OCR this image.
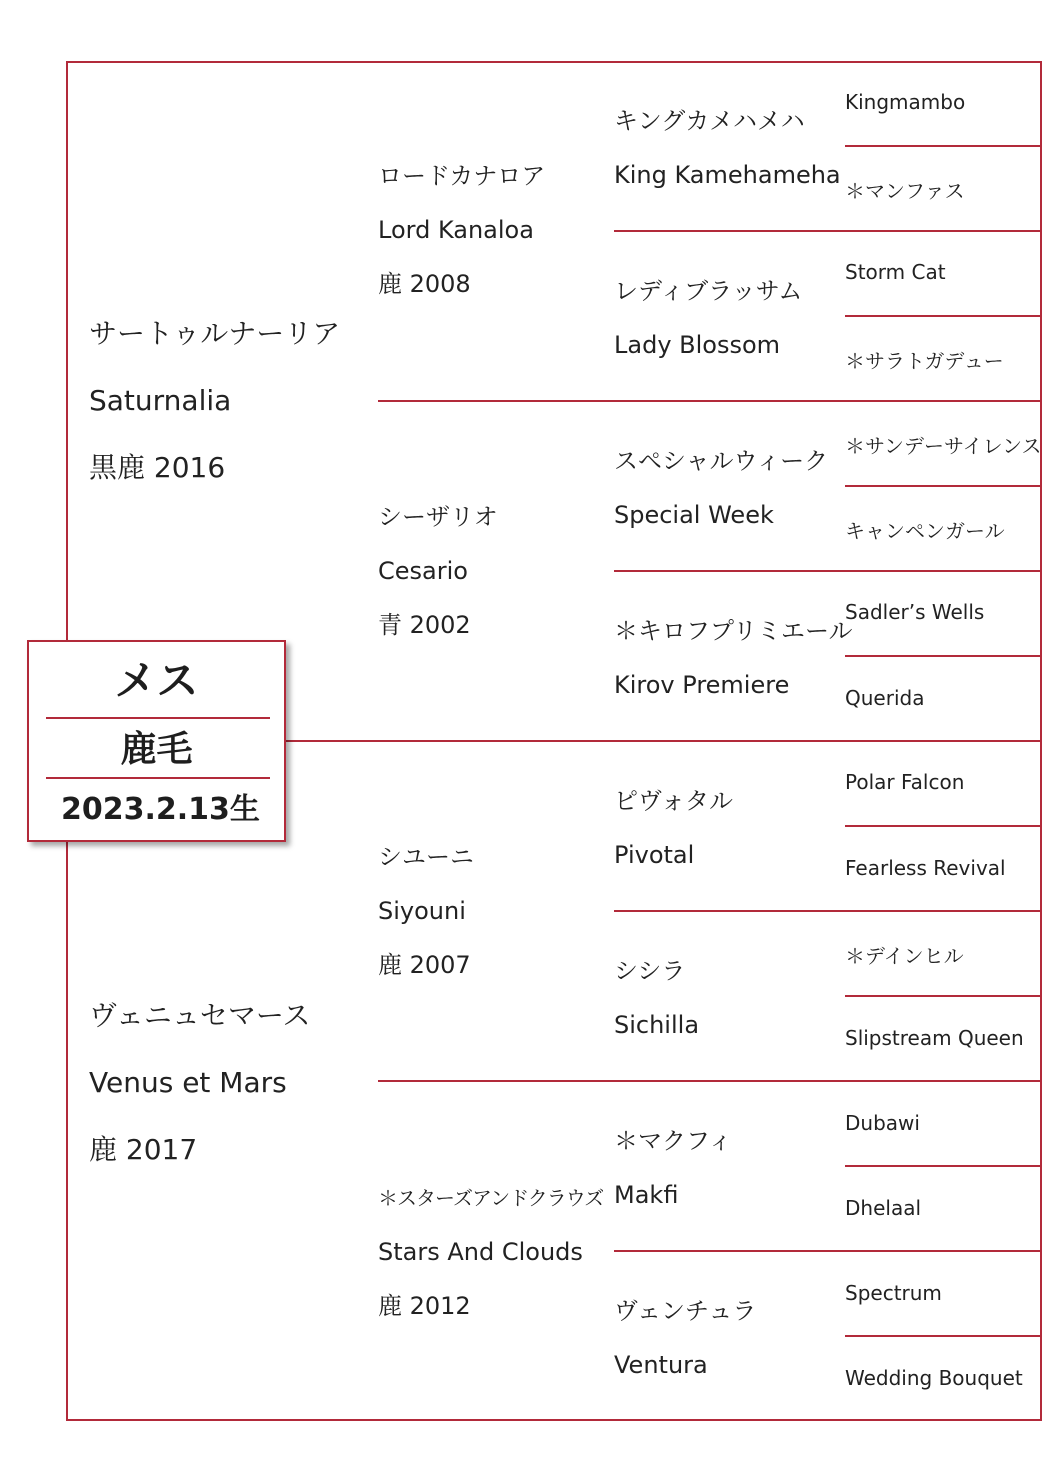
サートゥルナーリア
Saturnalia
黒鹿 2016
ヴェニュセマース
Venus et Mars
鹿 2017
ロードカナロア
Lord Kanaloa
鹿 2008
シーザリオ
Cesario
青 2002
シユーニ
Siyouni
鹿 2007
＊スターズアンドクラウズ
Stars And Clouds
鹿 2012
キングカメハメハ
King Kamehameha
レディブラッサム
Lady Blossom
スペシャルウィーク
Special Week
＊キロフプリミエール
Kirov Premiere
ピヴォタル
Pivotal
シシラ
Sichilla
＊マクフィ
Makfi
ヴェンチュラ
Ventura
Kingmambo
＊マンファス
Storm Cat
＊サラトガデュー
＊サンデーサイレンス
キャンペンガール
Sadler’s Wells
Querida
Polar Falcon
Fearless Revival
＊デインヒル
Slipstream Queen
Dubawi
Dhelaal
Spectrum
Wedding Bouquet
メス
鹿毛
2023.2.13生
